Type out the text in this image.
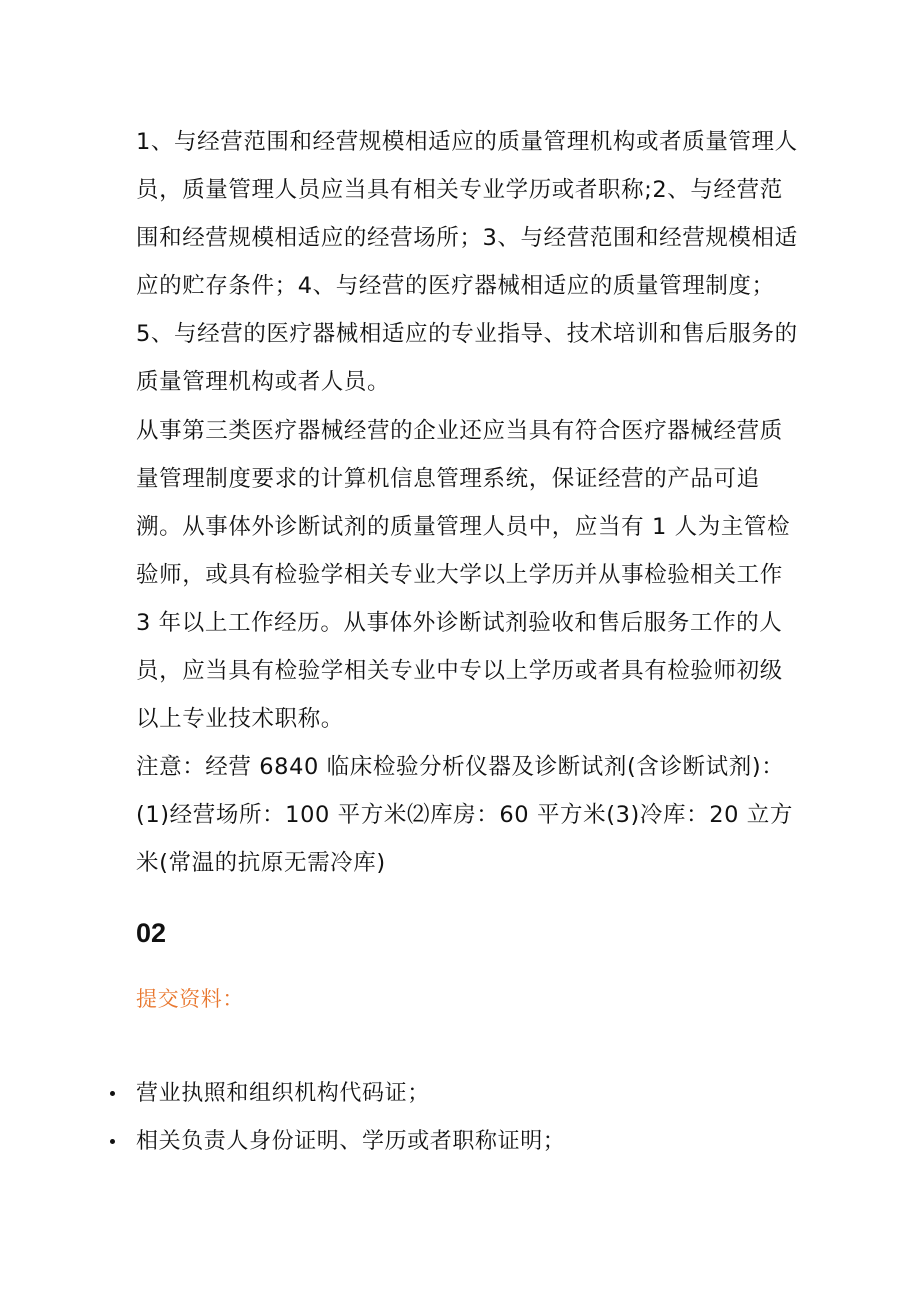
1、与经营范围和经营规模相适应的质量管理机构或者质量管理人
员，质量管理人员应当具有相关专业学历或者职称;2、与经营范
围和经营规模相适应的经营场所；3、与经营范围和经营规模相适
应的贮存条件；4、与经营的医疗器械相适应的质量管理制度；
5、与经营的医疗器械相适应的专业指导、技术培训和售后服务的
质量管理机构或者人员。
从事第三类医疗器械经营的企业还应当具有符合医疗器械经营质
量管理制度要求的计算机信息管理系统，保证经营的产品可追
溯。从事体外诊断试剂的质量管理人员中，应当有 1 人为主管检
验师，或具有检验学相关专业大学以上学历并从事检验相关工作
3 年以上工作经历。从事体外诊断试剂验收和售后服务工作的人
员，应当具有检验学相关专业中专以上学历或者具有检验师初级
以上专业技术职称。
注意：经营 6840 临床检验分析仪器及诊断试剂(含诊断试剂)：
(1)经营场所：100 平方米⑵库房：60 平方米(3)冷库：20 立方
米(常温的抗原无需冷库)
02
提交资料：
营业执照和组织机构代码证；
相关负责人身份证明、学历或者职称证明；
